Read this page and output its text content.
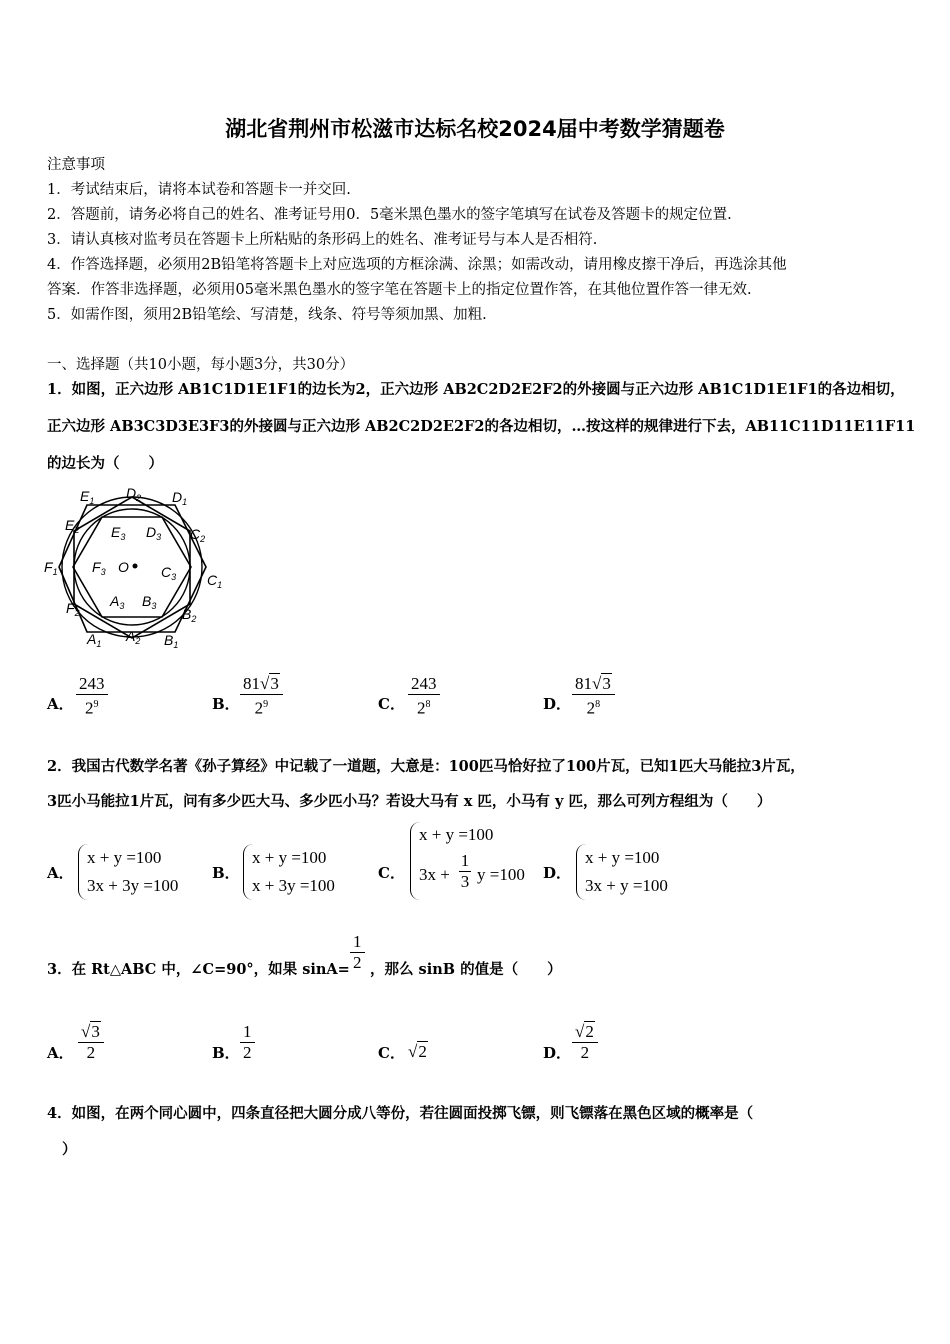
湖北省荆州市松滋市达标名校2024届中考数学猜题卷
注意事项
1．考试结束后，请将本试卷和答题卡一并交回.
2．答题前，请务必将自己的姓名、准考证号用0．5毫米黑色墨水的签字笔填写在试卷及答题卡的规定位置.
3．请认真核对监考员在答题卡上所粘贴的条形码上的姓名、准考证号与本人是否相符.
4．作答选择题，必须用2B铅笔将答题卡上对应选项的方框涂满、涂黑；如需改动，请用橡皮擦干净后，再选涂其他
答案．作答非选择题，必须用05毫米黑色墨水的签字笔在答题卡上的指定位置作答，在其他位置作答一律无效.
5．如需作图，须用2B铅笔绘、写清楚，线条、符号等须加黑、加粗.
一、选择题（共10小题，每小题3分，共30分）
1．如图，正六边形 AB1C1D1E1F1的边长为2，正六边形 AB2C2D2E2F2的外接圆与正六边形 AB1C1D1E1F1的各边相切，
正六边形 AB3C3D3E3F3的外接圆与正六边形 AB2C2D2E2F2的各边相切，…按这样的规律进行下去，AB11C11D11E11F11
的边长为（　　）
$E_1$ $D_2$ $D_1$
$E_2$ $E_3$ $D_3$ $C_2$
$F_1$ $F_3$ O $C_3$ $C_1$
$F_2$
$A_3$ $B_3$ $B_2$
$A_1$ $A_2$ $B_1$
A．
243
$2^9$	B．
81√3
$2^9$	C．
243
$2^8$	D．
81√3
$2^8$
2．我国古代数学名著《孙子算经》中记载了一道题，大意是：100匹马恰好拉了100片瓦，已知1匹大马能拉3片瓦，
3匹小马能拉1片瓦，问有多少匹大马、多少匹小马？若设大马有 x 匹，小马有 y 匹，那么可列方程组为（　　）
A．
x + y =100
3x + 3y =100
B．
x + y =100
x + 3y =100
C．
x + y =100
3x +
1
3 y =100 D．
x + y =100
3x + y =100
3．在 Rt△ABC 中，∠C=90°，如果 sinA=
1
2 ，那么 sinB 的值是（　　）
A．
√3
2	B．
1
2	C． √2	D．
√2
2
4．如图，在两个同心圆中，四条直径把大圆分成八等份，若往圆面投掷飞镖，则飞镖落在黑色区域的概率是（
）
